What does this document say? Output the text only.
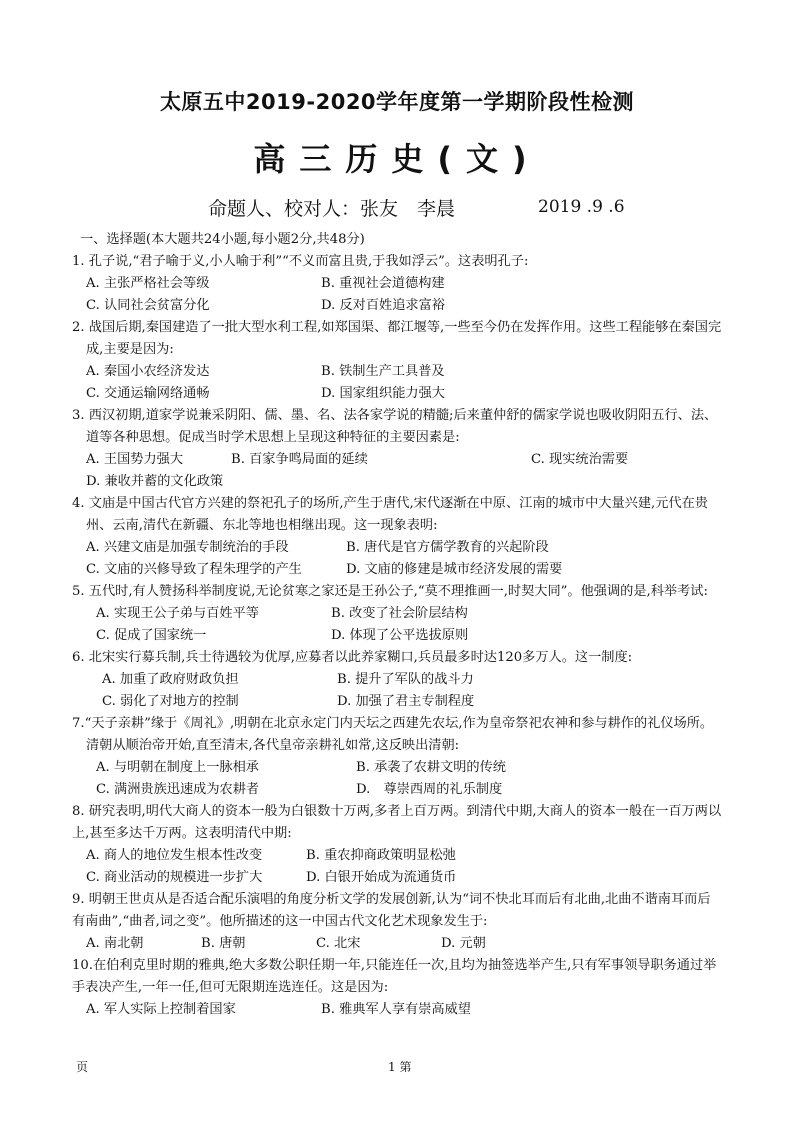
太原五中2019-2020学年度第一学期阶段性检测
高三历史(文)
命题人、校对人：张友　李晨	2019 .9 .6
一、选择题(本大题共24小题,每小题2分,共48分)
1. 孔子说,“君子喻于义,小人喻于利”“不义而富且贵,于我如浮云”。这表明孔子:
A. 主张严格社会等级	B. 重视社会道德构建
C. 认同社会贫富分化	D. 反对百姓追求富裕
2. 战国后期,秦国建造了一批大型水利工程,如郑国渠、都江堰等,一些至今仍在发挥作用。这些工程能够在秦国完成,主要是因为:
A. 秦国小农经济发达	B. 铁制生产工具普及
C. 交通运输网络通畅	D. 国家组织能力强大
3. 西汉初期,道家学说兼采阴阳、儒、墨、名、法各家学说的精髓;后来董仲舒的儒家学说也吸收阴阳五行、法、道等各种思想。促成当时学术思想上呈现这种特征的主要因素是:
A. 王国势力强大	B. 百家争鸣局面的延续	C. 现实统治需要
D. 兼收并蓄的文化政策
4. 文庙是中国古代官方兴建的祭祀孔子的场所,产生于唐代,宋代逐渐在中原、江南的城市中大量兴建,元代在贵州、云南,清代在新疆、东北等地也相继出现。这一现象表明:
A. 兴建文庙是加强专制统治的手段	B. 唐代是官方儒学教育的兴起阶段
C. 文庙的兴修导致了程朱理学的产生	D. 文庙的修建是城市经济发展的需要
5. 五代时,有人赞扬科举制度说,无论贫寒之家还是王孙公子,“莫不理推画一,时契大同”。他强调的是,科举考试:
A. 实现王公子弟与百姓平等	B. 改变了社会阶层结构
C. 促成了国家统一	D. 体现了公平选拔原则
6. 北宋实行募兵制,兵士待遇较为优厚,应募者以此养家糊口,兵员最多时达120多万人。这一制度:
A. 加重了政府财政负担	B. 提升了军队的战斗力
C. 弱化了对地方的控制	D. 加强了君主专制程度
7.“天子亲耕”缘于《周礼》,明朝在北京永定门内天坛之西建先农坛,作为皇帝祭祀农神和参与耕作的礼仪场所。清朝从顺治帝开始,直至清末,各代皇帝亲耕礼如常,这反映出清朝:
A. 与明朝在制度上一脉相承	B. 承袭了农耕文明的传统
C. 满洲贵族迅速成为农耕者	D.　尊崇西周的礼乐制度
8. 研究表明,明代大商人的资本一般为白银数十万两,多者上百万两。到清代中期,大商人的资本一般在一百万两以上,甚至多达千万两。这表明清代中期:
A. 商人的地位发生根本性改变	B. 重农抑商政策明显松弛
C. 商业活动的规模进一步扩大	D. 白银开始成为流通货币
9. 明朝王世贞从是否适合配乐演唱的角度分析文学的发展创新,认为“词不快北耳而后有北曲,北曲不谐南耳而后有南曲”,“曲者,词之变”。他所描述的这一中国古代文化艺术现象发生于:
A. 南北朝	B. 唐朝	C. 北宋	D. 元朝
10.在伯利克里时期的雅典,绝大多数公职任期一年,只能连任一次,且均为抽签选举产生,只有军事领导职务通过举手表决产生,一年一任,但可无限期连选连任。这是因为:
A. 军人实际上控制着国家	B. 雅典军人享有崇高威望
页	1 第
